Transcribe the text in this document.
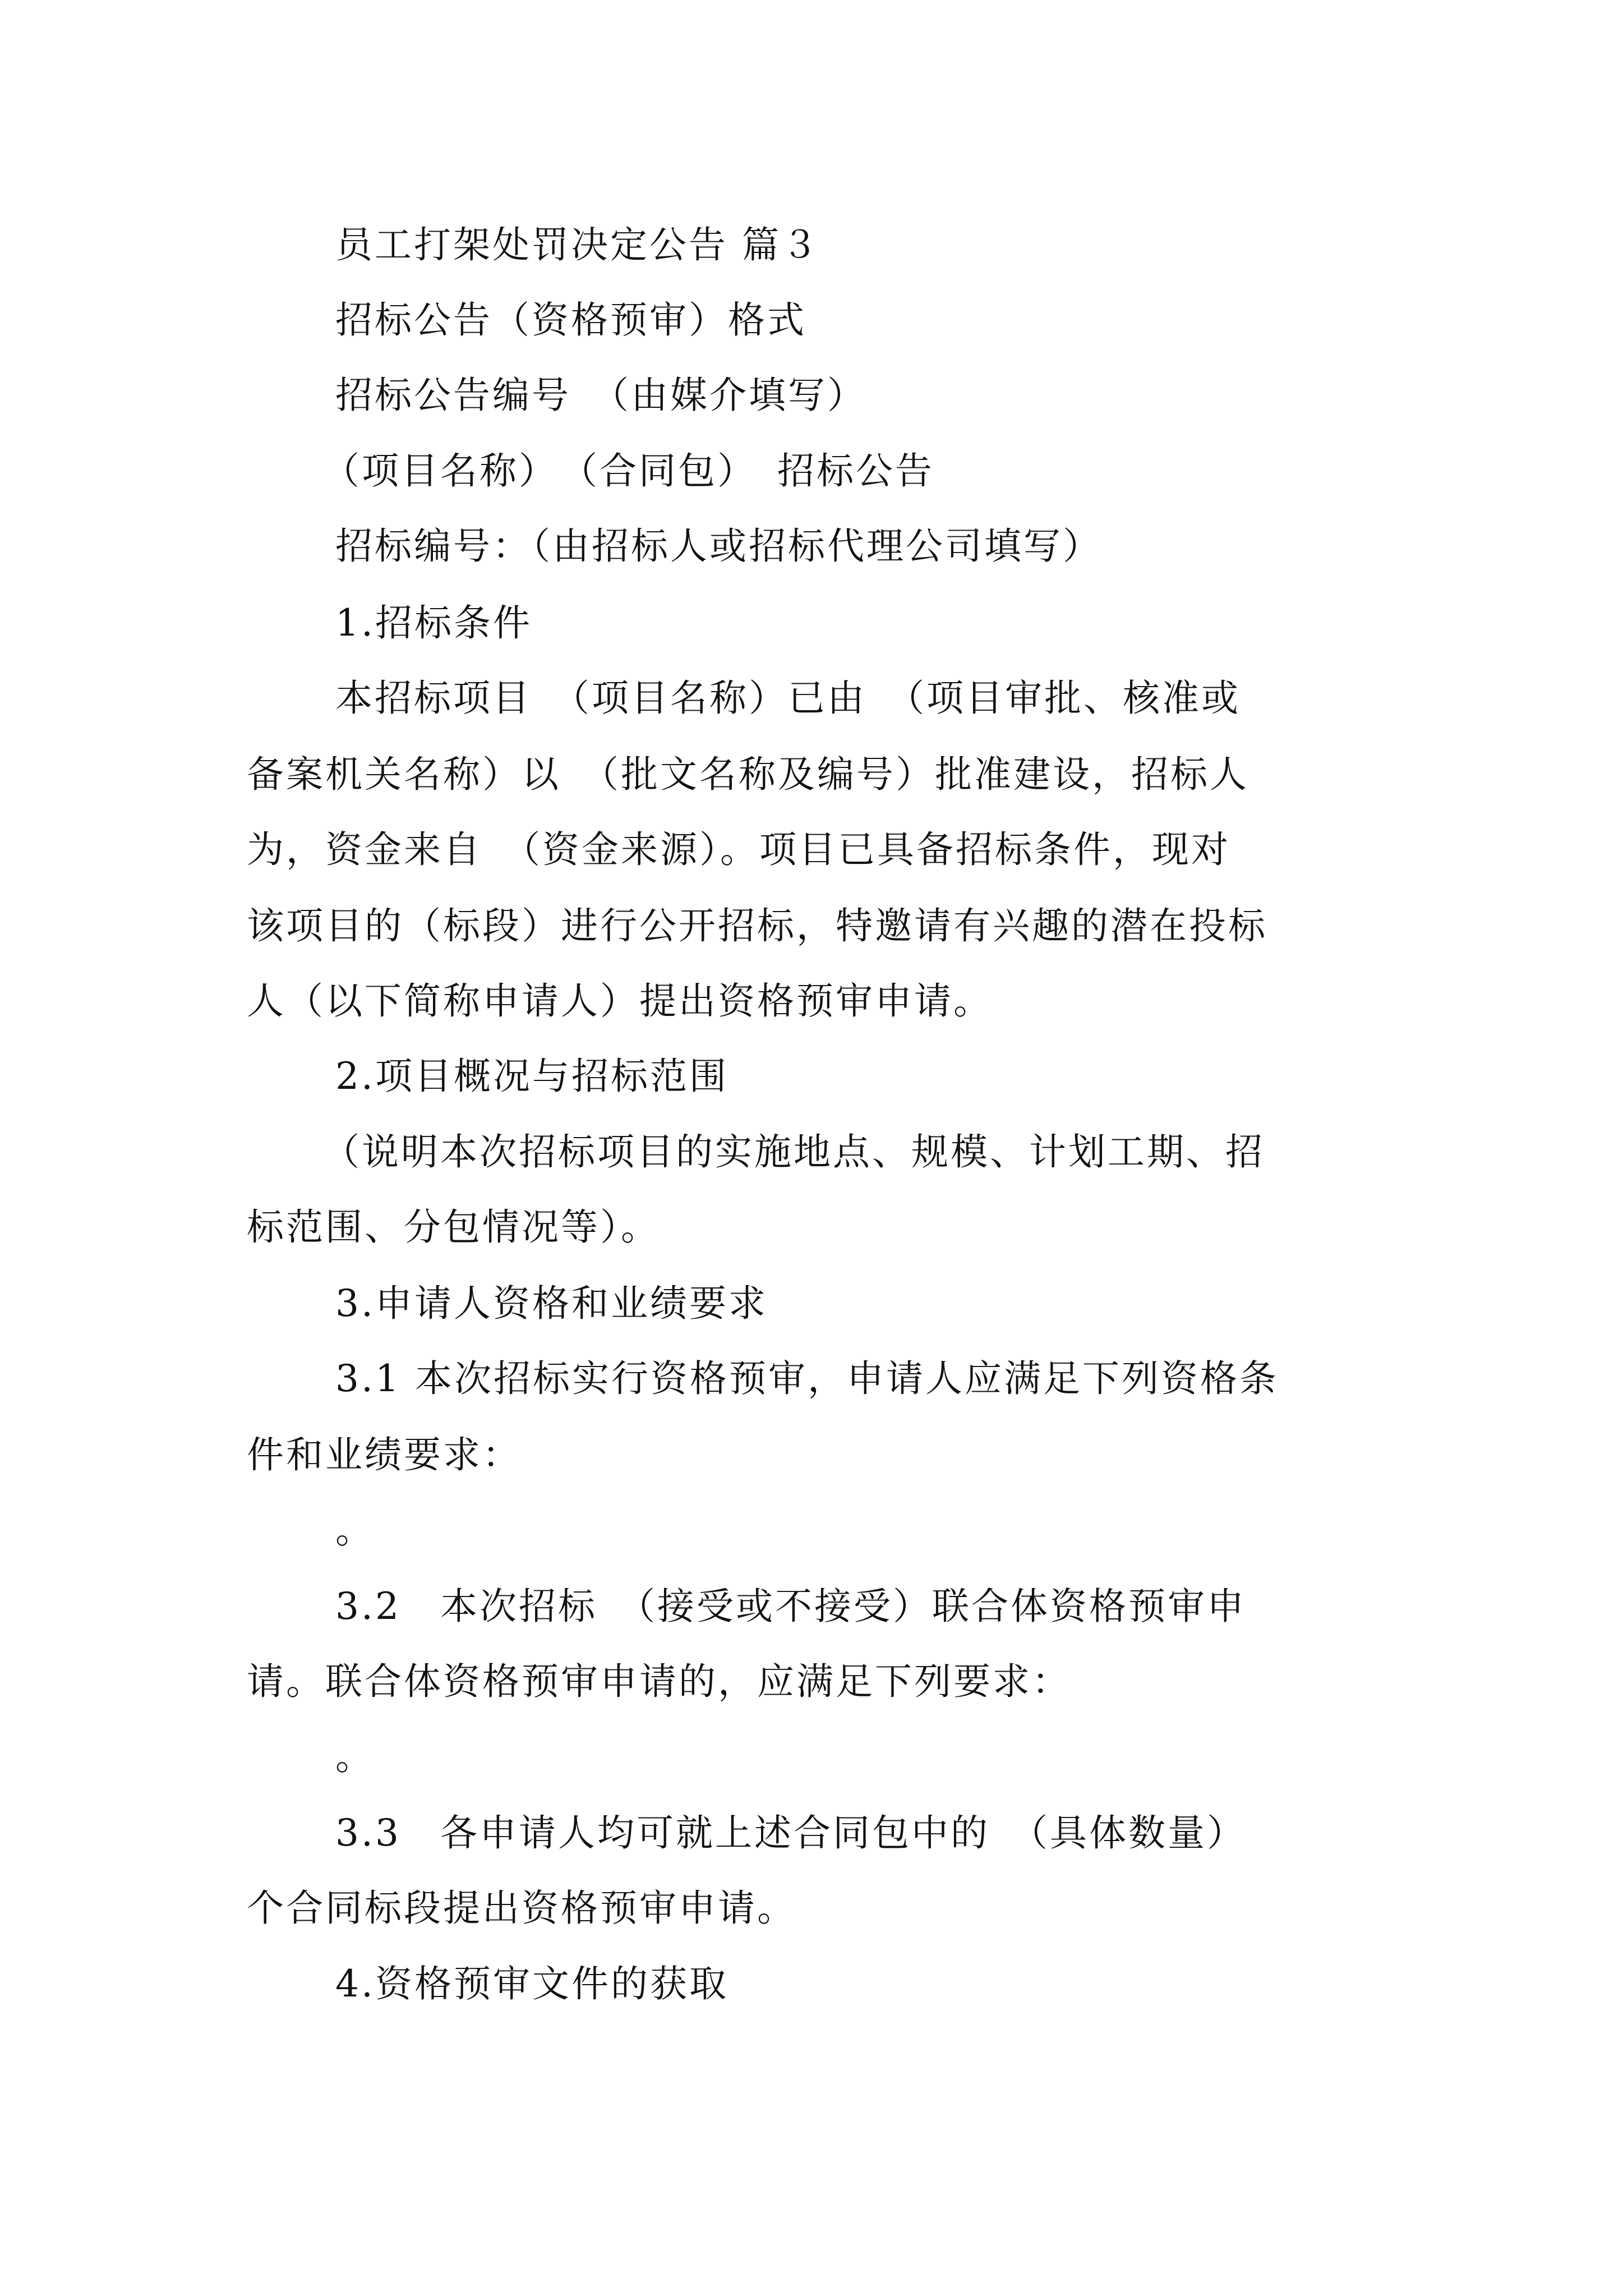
员工打架处罚决定公告 篇３
招标公告（资格预审）格式
招标公告编号　（由媒介填写）
（项目名称）　（合同包）　招标公告
招标编号：（由招标人或招标代理公司填写）
1.招标条件
本招标项目　（项目名称）已由　（项目审批、核准或
备案机关名称）以　（批文名称及编号）批准建设，招标人
为，资金来自　（资金来源）。项目已具备招标条件，现对
该项目的（标段）进行公开招标，特邀请有兴趣的潜在投标
人（以下简称申请人）提出资格预审申请。
2.项目概况与招标范围
（说明本次招标项目的实施地点、规模、计划工期、招
标范围、分包情况等）。
3.申请人资格和业绩要求
3.1 本次招标实行资格预审，申请人应满足下列资格条
件和业绩要求：
。
3.2　本次招标　（接受或不接受）联合体资格预审申
请。联合体资格预审申请的，应满足下列要求：
。
3.3　各申请人均可就上述合同包中的　（具体数量）
个合同标段提出资格预审申请。
4.资格预审文件的获取
